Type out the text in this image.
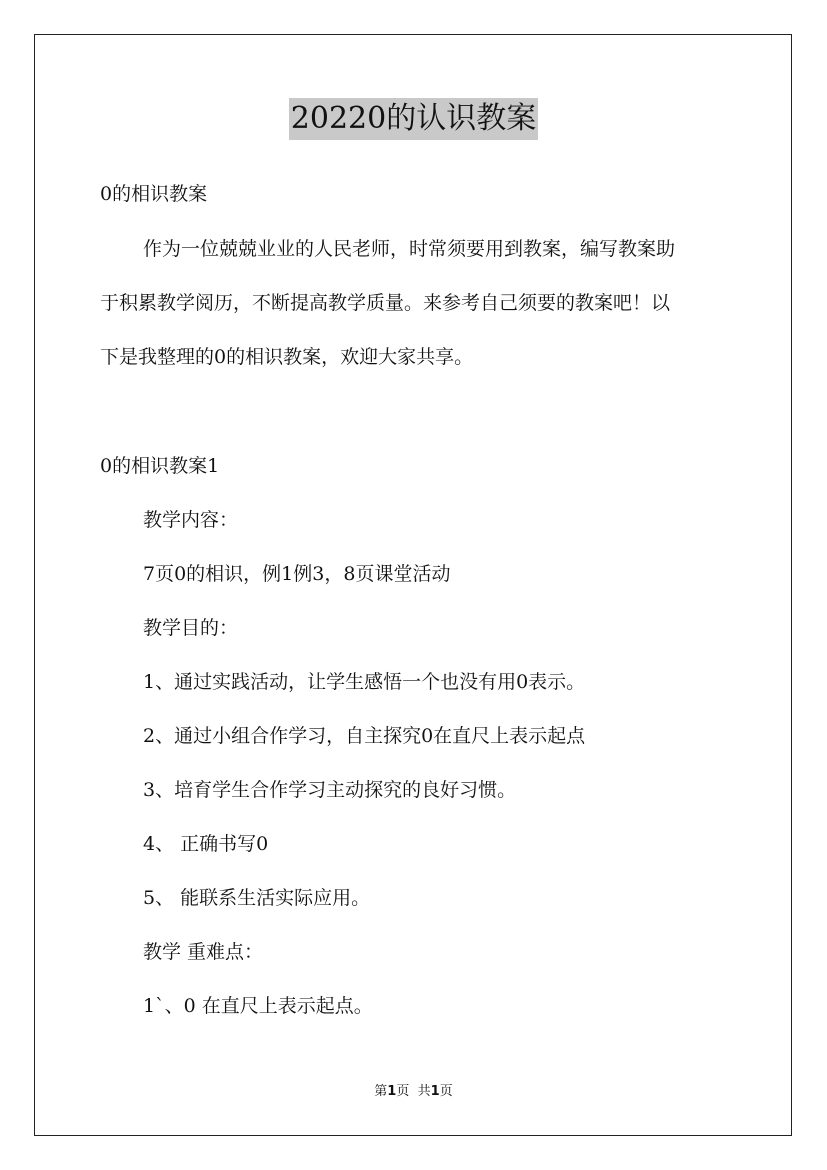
20220的认识教案
0的相识教案
作为一位兢兢业业的人民老师，时常须要用到教案，编写教案助
于积累教学阅历，不断提高教学质量。来参考自己须要的教案吧！以
下是我整理的0的相识教案，欢迎大家共享。
0的相识教案1
教学内容：
7页0的相识，例1例3，8页课堂活动
教学目的：
1、通过实践活动，让学生感悟一个也没有用0表示。
2、通过小组合作学习，自主探究0在直尺上表示起点
3、培育学生合作学习主动探究的良好习惯。
4、 正确书写0
5、 能联系生活实际应用。
教学 重难点：
1`、0 在直尺上表示起点。
第1页 共1页
